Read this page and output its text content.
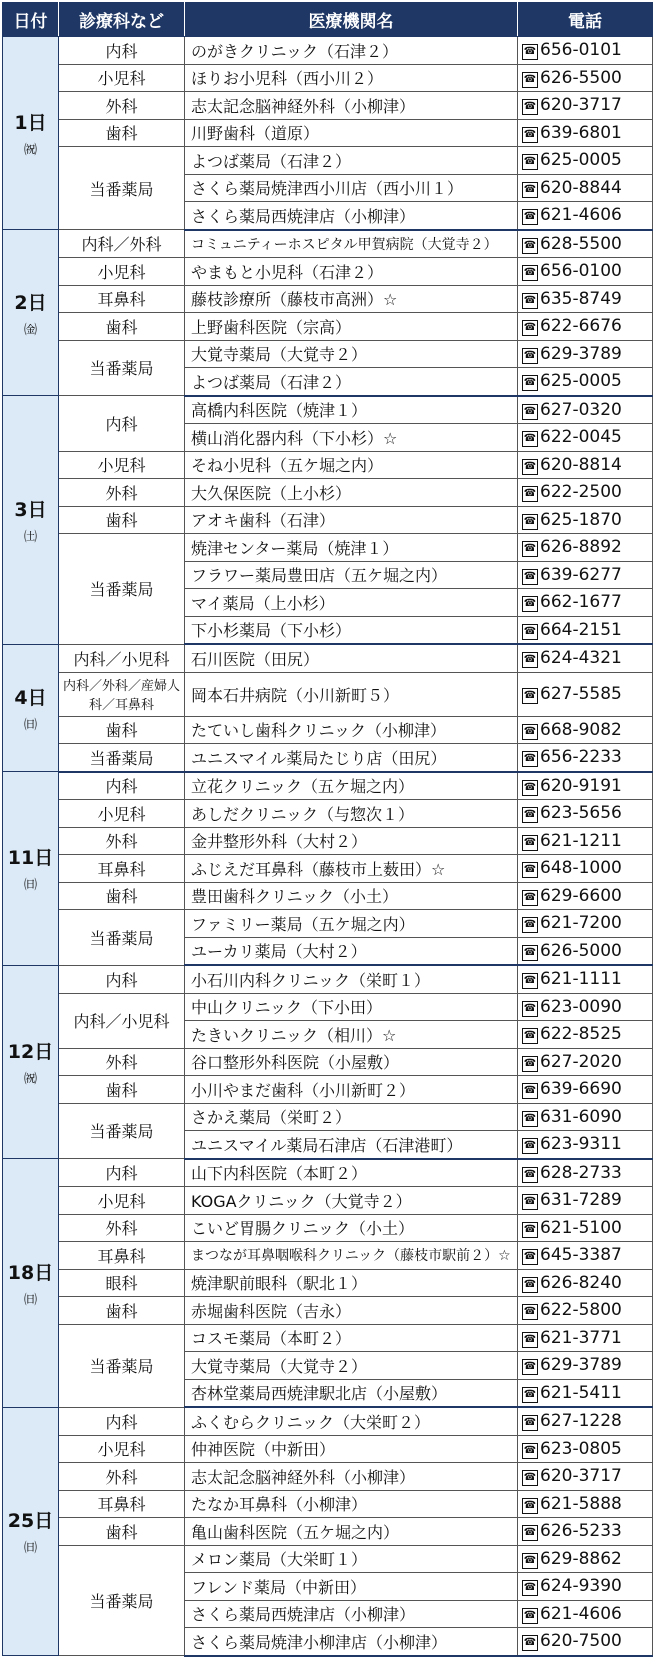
日付	診療科など	医療機関名	電話

1日
㈷	内科	のがきクリニック（石津２）	☎ 656-0101
	小児科	ほりお小児科（西小川２）	☎ 626-5500
	外科	志太記念脳神経外科（小柳津）	☎ 620-3717
	歯科	川野歯科（道原）	☎ 639-6801
	当番薬局	よつば薬局（石津２）	☎ 625-0005
		さくら薬局焼津西小川店（西小川１）	☎ 620-8844
		さくら薬局西焼津店（小柳津）	☎ 621-4606

2日
㈮	内科／外科	コミュニティーホスピタル甲賀病院（大覚寺２）	☎ 628-5500
	小児科	やまもと小児科（石津２）	☎ 656-0100
	耳鼻科	藤枝診療所（藤枝市高洲）☆	☎ 635-8749
	歯科	上野歯科医院（宗高）	☎ 622-6676
	当番薬局	大覚寺薬局（大覚寺２）	☎ 629-3789
		よつば薬局（石津２）	☎ 625-0005

3日
㈯	内科	高橋内科医院（焼津１）	☎ 627-0320
		横山消化器内科（下小杉）☆	☎ 622-0045
	小児科	そね小児科（五ケ堀之内）	☎ 620-8814
	外科	大久保医院（上小杉）	☎ 622-2500
	歯科	アオキ歯科（石津）	☎ 625-1870
	当番薬局	焼津センター薬局（焼津１）	☎ 626-8892
		フラワー薬局豊田店（五ケ堀之内）	☎ 639-6277
		マイ薬局（上小杉）	☎ 662-1677
		下小杉薬局（下小杉）	☎ 664-2151

4日
㈰	内科／小児科	石川医院（田尻）	☎ 624-4321
	内科／外科／産婦人科／耳鼻科	岡本石井病院（小川新町５）	☎ 627-5585
	歯科	たていし歯科クリニック（小柳津）	☎ 668-9082
	当番薬局	ユニスマイル薬局たじり店（田尻）	☎ 656-2233

11日
㈰	内科	立花クリニック（五ケ堀之内）	☎ 620-9191
	小児科	あしだクリニック（与惣次１）	☎ 623-5656
	外科	金井整形外科（大村２）	☎ 621-1211
	耳鼻科	ふじえだ耳鼻科（藤枝市上薮田）☆	☎ 648-1000
	歯科	豊田歯科クリニック（小土）	☎ 629-6600
	当番薬局	ファミリー薬局（五ケ堀之内）	☎ 621-7200
		ユーカリ薬局（大村２）	☎ 626-5000

12日
㈷	内科	小石川内科クリニック（栄町１）	☎ 621-1111
	内科／小児科	中山クリニック（下小田）	☎ 623-0090
		たきいクリニック（相川）☆	☎ 622-8525
	外科	谷口整形外科医院（小屋敷）	☎ 627-2020
	歯科	小川やまだ歯科（小川新町２）	☎ 639-6690
	当番薬局	さかえ薬局（栄町２）	☎ 631-6090
		ユニスマイル薬局石津店（石津港町）	☎ 623-9311

18日
㈰	内科	山下内科医院（本町２）	☎ 628-2733
	小児科	KOGAクリニック（大覚寺２）	☎ 631-7289
	外科	こいど胃腸クリニック（小土）	☎ 621-5100
	耳鼻科	まつなが耳鼻咽喉科クリニック（藤枝市駅前２）☆	☎ 645-3387
	眼科	焼津駅前眼科（駅北１）	☎ 626-8240
	歯科	赤堀歯科医院（吉永）	☎ 622-5800
	当番薬局	コスモ薬局（本町２）	☎ 621-3771
		大覚寺薬局（大覚寺２）	☎ 629-3789
		杏林堂薬局西焼津駅北店（小屋敷）	☎ 621-5411

25日
㈰	内科	ふくむらクリニック（大栄町２）	☎ 627-1228
	小児科	仲神医院（中新田）	☎ 623-0805
	外科	志太記念脳神経外科（小柳津）	☎ 620-3717
	耳鼻科	たなか耳鼻科（小柳津）	☎ 621-5888
	歯科	亀山歯科医院（五ケ堀之内）	☎ 626-5233
	当番薬局	メロン薬局（大栄町１）	☎ 629-8862
		フレンド薬局（中新田）	☎ 624-9390
		さくら薬局西焼津店（小柳津）	☎ 621-4606
		さくら薬局焼津小柳津店（小柳津）	☎ 620-7500
